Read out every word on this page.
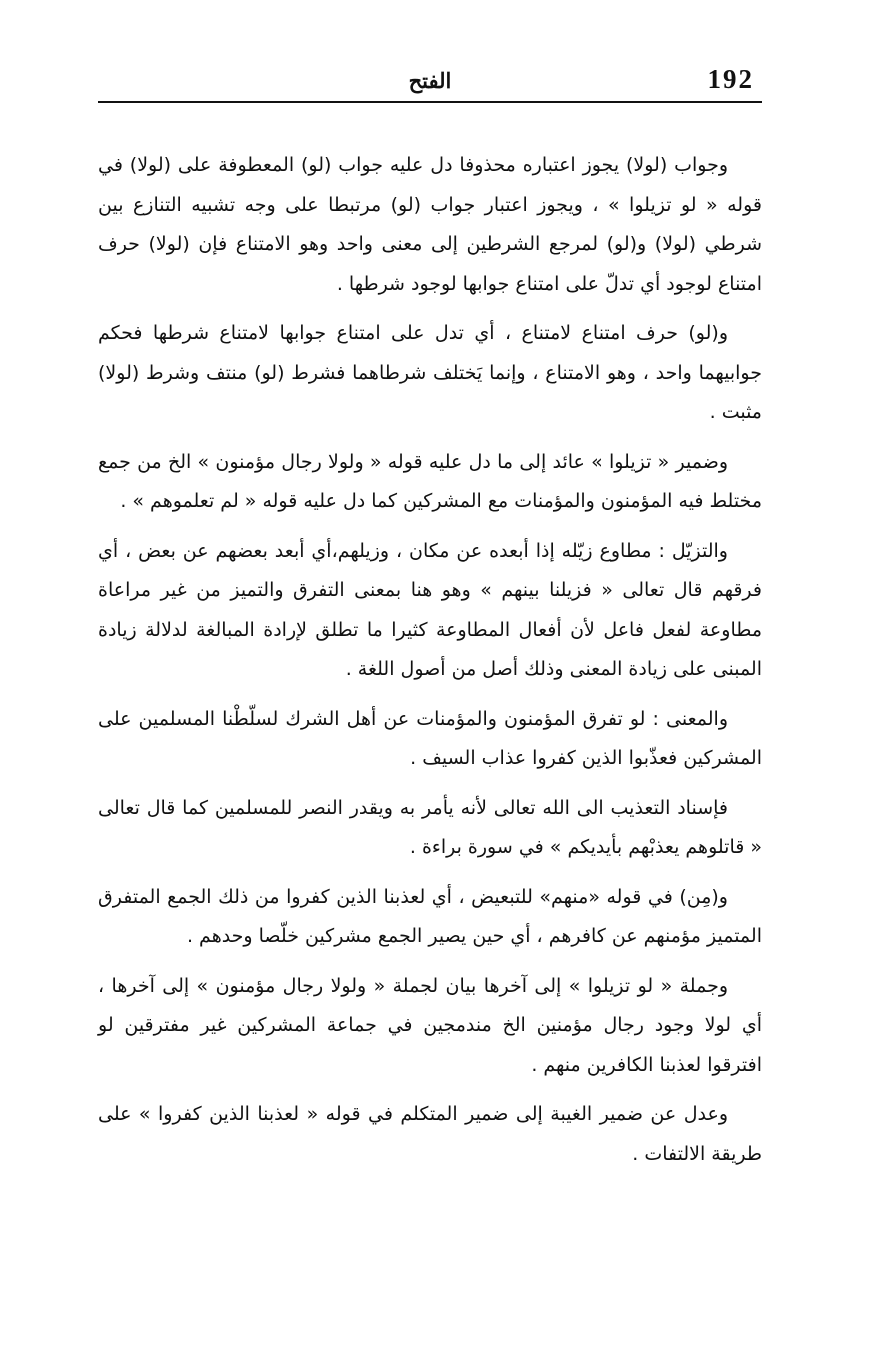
192
الفتح

وجواب (لولا) يجوز اعتباره محذوفا دل عليه جواب (لو) المعطوفة على (لولا) في قوله « لو تزيلوا » ، ويجوز اعتبار جواب (لو) مرتبطا على وجه تشبيه التنازع بين شرطي (لولا) و(لو) لمرجع الشرطين إلى معنى واحد وهو الامتناع فإن (لولا) حرف امتناع لوجود أي تدلّ على امتناع جوابها لوجود شرطها .

و(لو) حرف امتناع لامتناع ، أي تدل على امتناع جوابها لامتناع شرطها فحكم جوابيهما واحد ، وهو الامتناع ، وإنما يَختلف شرطاهما فشرط (لو) منتف وشرط (لولا) مثبت .

وضمير « تزيلوا » عائد إلى ما دل عليه قوله « ولولا رجال مؤمنون » الخ من جمع مختلط فيه المؤمنون والمؤمنات مع المشركين كما دل عليه قوله « لم تعلموهم » .

والتزيّل : مطاوع زيّله إذا أبعده عن مكان ، وزيلهم،أي أبعد بعضهم عن بعض ، أي فرقهم قال تعالى « فزيلنا بينهم » وهو هنا بمعنى التفرق والتميز من غير مراعاة مطاوعة لفعل فاعل لأن أفعال المطاوعة كثيرا ما تطلق لإرادة المبالغة لدلالة زيادة المبنى على زيادة المعنى وذلك أصل من أصول اللغة .

والمعنى : لو تفرق المؤمنون والمؤمنات عن أهل الشرك لسلّطْنا المسلمين على المشركين فعذّبوا الذين كفروا عذاب السيف .

فإسناد التعذيب الى الله تعالى لأنه يأمر به ويقدر النصر للمسلمين كما قال تعالى « قاتلوهم يعذبْهم بأيديكم » في سورة براءة .

و(مِن) في قوله «منهم» للتبعيض ، أي لعذبنا الذين كفروا من ذلك الجمع المتفرق المتميز مؤمنهم عن كافرهم ، أي حين يصير الجمع مشركين خلّصا وحدهم .

وجملة « لو تزيلوا » إلى آخرها بيان لجملة « ولولا رجال مؤمنون » إلى آخرها ، أي لولا وجود رجال مؤمنين الخ مندمجين في جماعة المشركين غير مفترقين لو افترقوا لعذبنا الكافرين منهم .

وعدل عن ضمير الغيبة إلى ضمير المتكلم في قوله « لعذبنا الذين كفروا » على طريقة الالتفات .
